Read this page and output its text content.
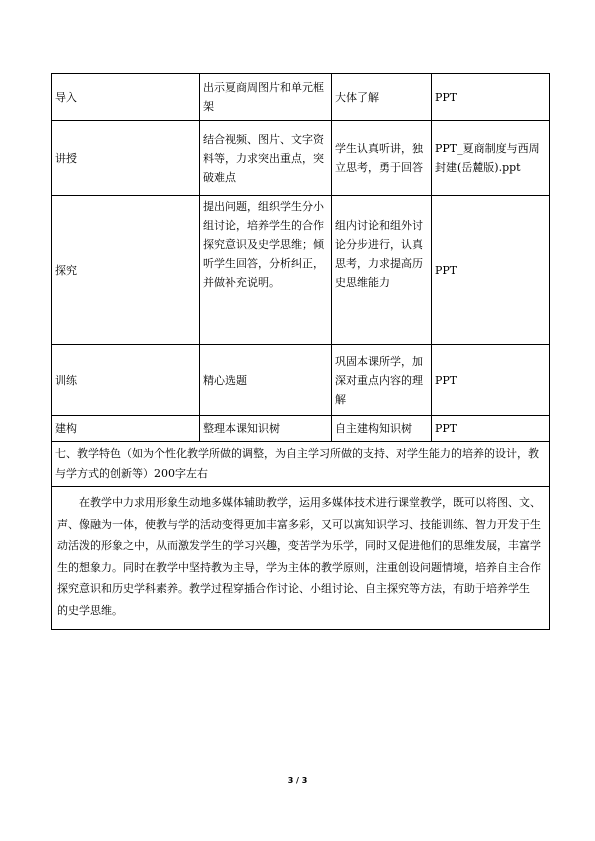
导入	出示夏商周图片和单元框架	大体了解	PPT
讲授	结合视频、图片、文字资料等，力求突出重点，突破难点	学生认真听讲，独立思考，勇于回答	PPT_夏商制度与西周封建(岳麓版).ppt
探究	提出问题，组织学生分小组讨论，培养学生的合作探究意识及史学思维；倾听学生回答，分析纠正，并做补充说明。	组内讨论和组外讨论分步进行，认真思考，力求提高历史思维能力	PPT
训练	精心选题	巩固本课所学，加深对重点内容的理解	PPT
建构	整理本课知识树	自主建构知识树	PPT
七、教学特色（如为个性化教学所做的调整，为自主学习所做的支持、对学生能力的培养的设计，教与学方式的创新等）200字左右			

在教学中力求用形象生动地多媒体辅助教学，运用多媒体技术进行课堂教学，既可以将图、文、声、像融为一体，使教与学的活动变得更加丰富多彩，又可以寓知识学习、技能训练、智力开发于生动活泼的形象之中，从而激发学生的学习兴趣，变苦学为乐学，同时又促进他们的思维发展，丰富学生的想象力。同时在教学中坚持教为主导，学为主体的教学原则，注重创设问题情境，培养自主合作探究意识和历史学科素养。教学过程穿插合作讨论、小组讨论、自主探究等方法，有助于培养学生 的史学思维。			

3 / 3
